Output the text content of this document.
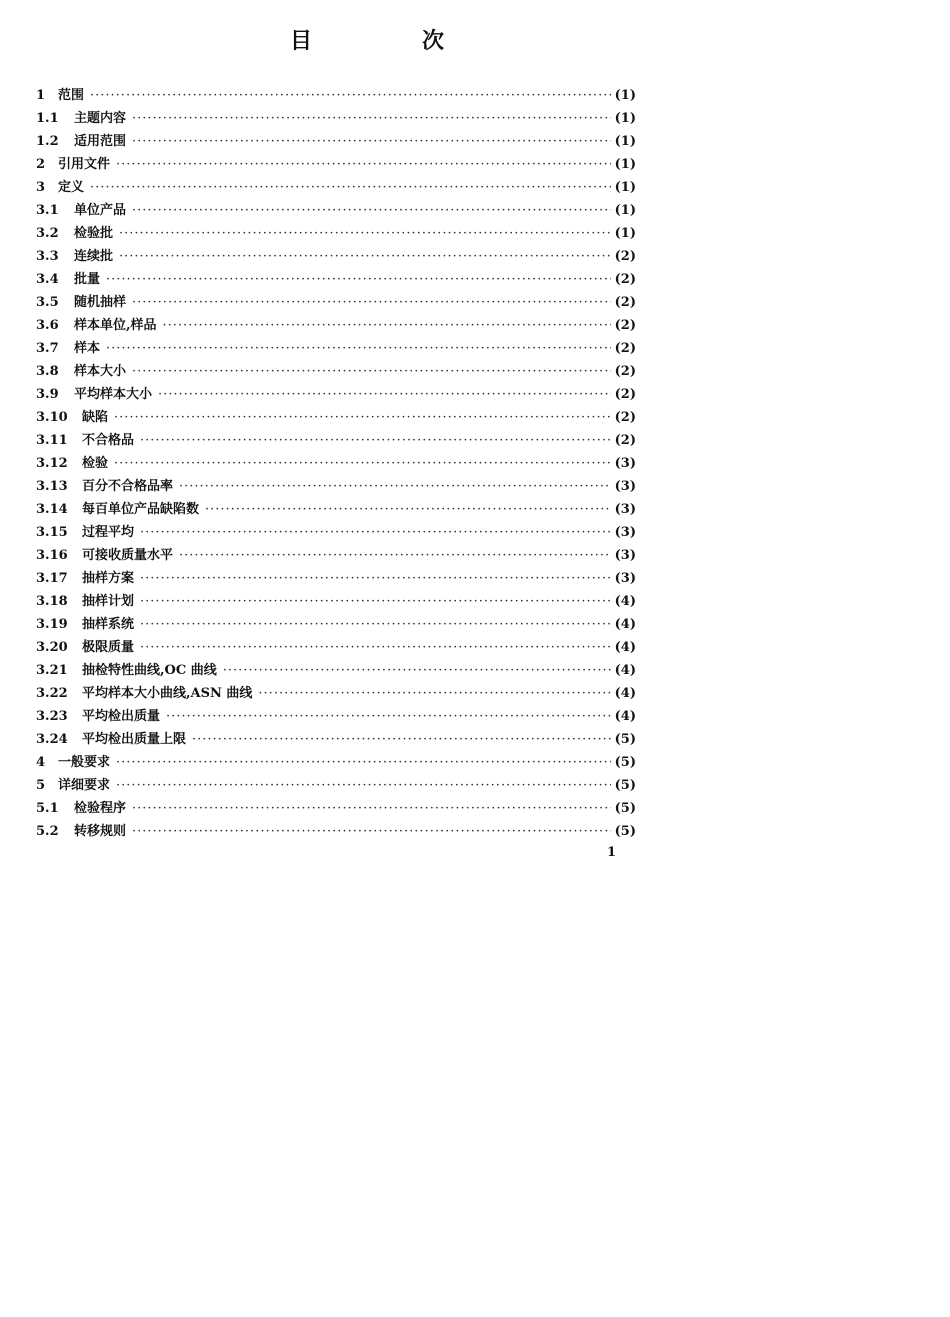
目　次
1 范围 ·····	(1)
1.1	主题内容 ·····	(1)
1.2	适用范围 ·····	(1)
2 引用文件 ·····	(1)
3 定义 ·····	(1)
3.1	单位产品 ·····	(1)
3.2	检验批 ·····	(1)
3.3	连续批 ·····	(2)
3.4	批量 ·····	(2)
3.5	随机抽样 ·····	(2)
3.6	样本单位,样品 ·····	(2)
3.7	样本 ·····	(2)
3.8	样本大小 ·····	(2)
3.9	平均样本大小 ·····	(2)
3.10	缺陷 ·····	(2)
3.11	不合格品 ·····	(2)
3.12	检验 ·····	(3)
3.13	百分不合格品率 ·····	(3)
3.14	每百单位产品缺陷数 ·····	(3)
3.15	过程平均 ·····	(3)
3.16	可接收质量水平 ·····	(3)
3.17	抽样方案 ·····	(3)
3.18	抽样计划 ·····	(4)
3.19	抽样系统 ·····	(4)
3.20	极限质量 ·····	(4)
3.21	抽检特性曲线,OC 曲线 ·····	(4)
3.22	平均样本大小曲线,ASN 曲线 ·····	(4)
3.23	平均检出质量 ·····	(4)
3.24	平均检出质量上限 ·····	(5)
4 一般要求 ·····	(5)
5 详细要求 ·····	(5)
5.1	检验程序 ·····	(5)
5.2	转移规则 ·····	(5)
1
